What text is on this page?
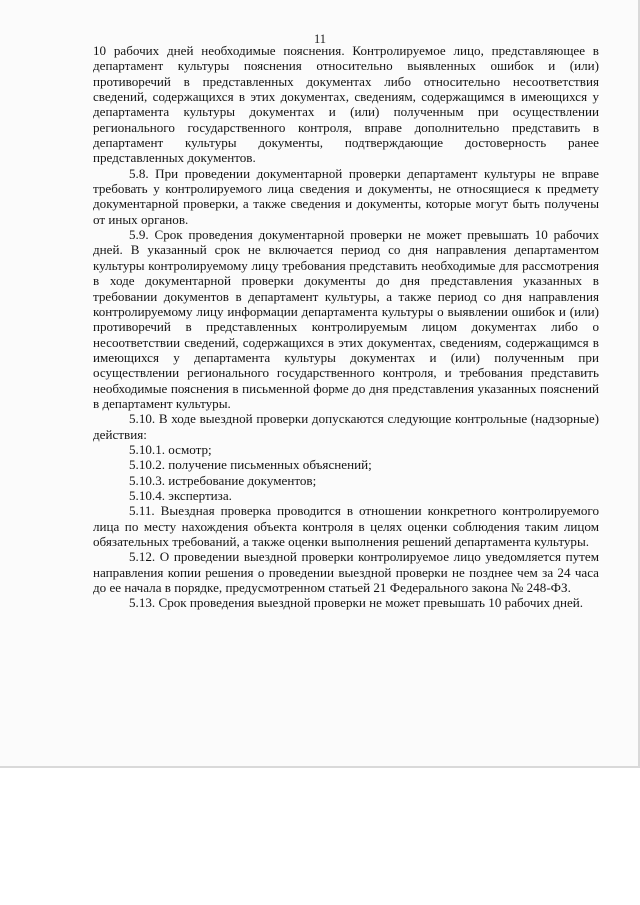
11

10 рабочих дней необходимые пояснения. Контролируемое лицо, представляющее в департамент культуры пояснения относительно выявленных ошибок и (или) противоречий в представленных документах либо относительно несоответствия сведений, содержащихся в этих документах, сведениям, содержащимся в имеющихся у департамента культуры документах и (или) полученным при осуществлении регионального государственного контроля, вправе дополнительно представить в департамент культуры документы, подтверждающие достоверность ранее представленных документов.

5.8. При проведении документарной проверки департамент культуры не вправе требовать у контролируемого лица сведения и документы, не относящиеся к предмету документарной проверки, а также сведения и документы, которые могут быть получены от иных органов.

5.9. Срок проведения документарной проверки не может превышать 10 рабочих дней. В указанный срок не включается период со дня направления департаментом культуры контролируемому лицу требования представить необходимые для рассмотрения в ходе документарной проверки документы до дня представления указанных в требовании документов в департамент культуры, а также период со дня направления контролируемому лицу информации департамента культуры о выявлении ошибок и (или) противоречий в представленных контролируемым лицом документах либо о несоответствии сведений, содержащихся в этих документах, сведениям, содержащимся в имеющихся у департамента культуры документах и (или) полученным при осуществлении регионального государственного контроля, и требования представить необходимые пояснения в письменной форме до дня представления указанных пояснений в департамент культуры.

5.10. В ходе выездной проверки допускаются следующие контрольные (надзорные) действия:

5.10.1. осмотр;

5.10.2. получение письменных объяснений;

5.10.3. истребование документов;

5.10.4. экспертиза.

5.11. Выездная проверка проводится в отношении конкретного контролируемого лица по месту нахождения объекта контроля в целях оценки соблюдения таким лицом обязательных требований, а также оценки выполнения решений департамента культуры.

5.12. О проведении выездной проверки контролируемое лицо уведомляется путем направления копии решения о проведении выездной проверки не позднее чем за 24 часа до ее начала в порядке, предусмотренном статьей 21 Федерального закона № 248-ФЗ.

5.13. Срок проведения выездной проверки не может превышать 10 рабочих дней.
